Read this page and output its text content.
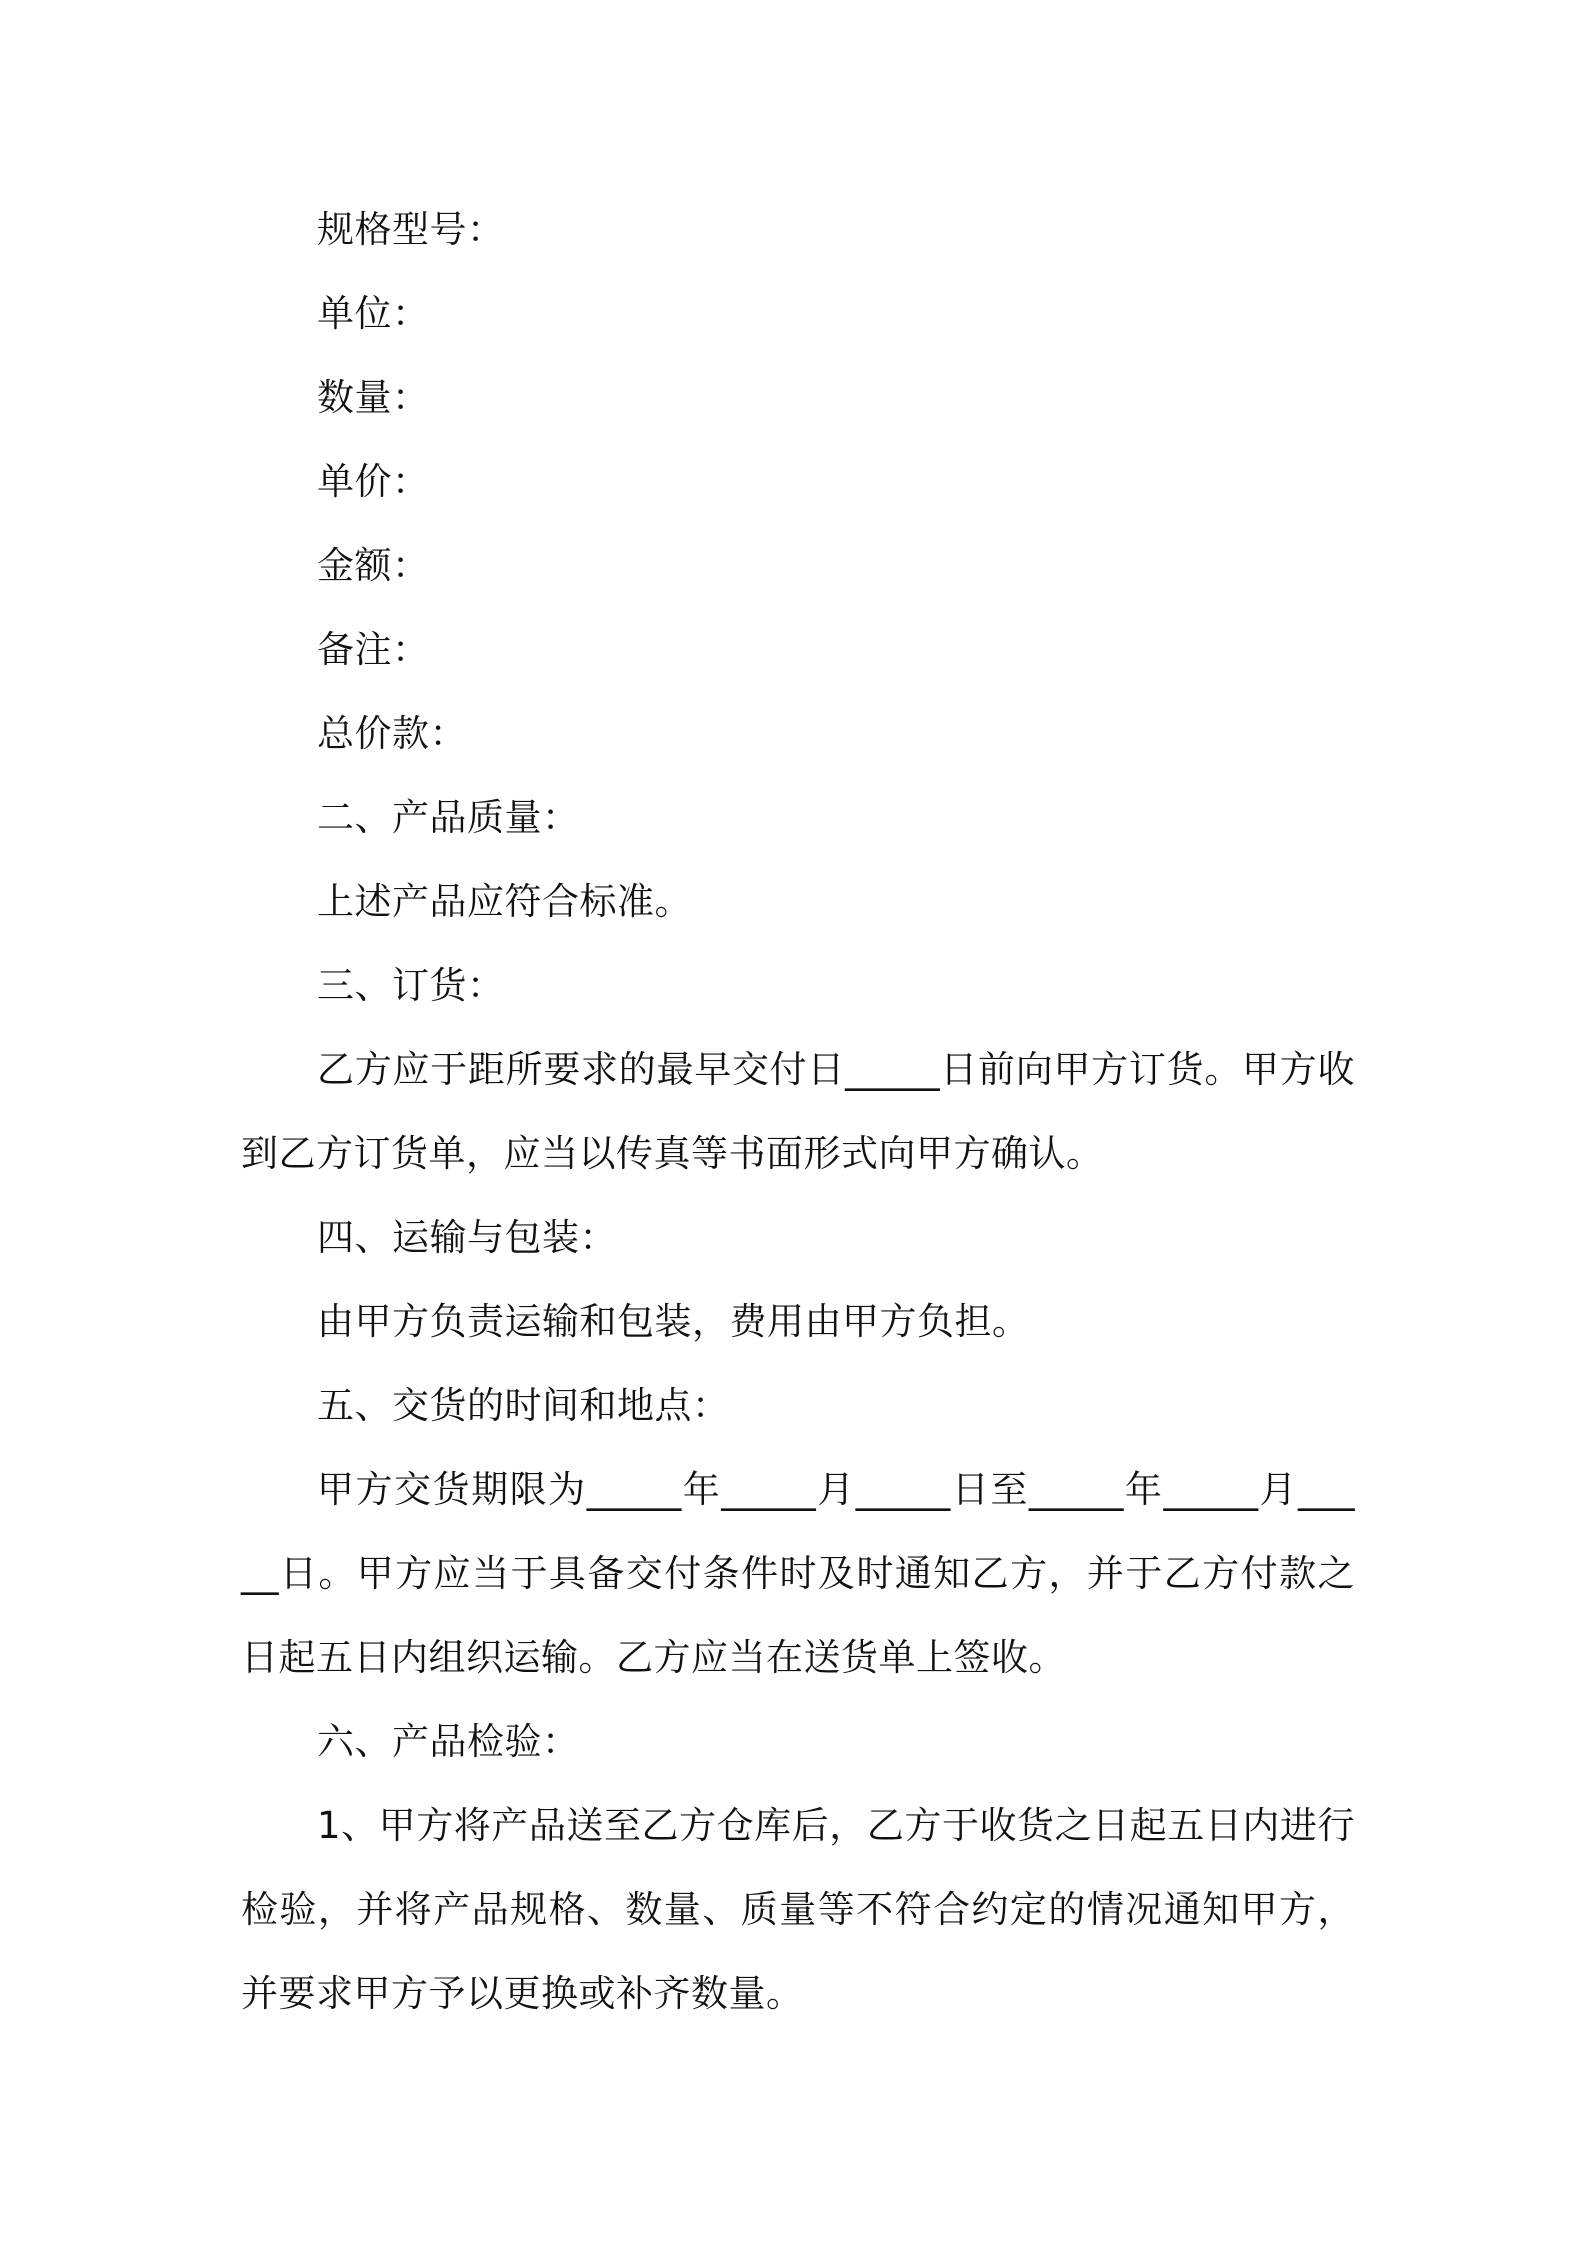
规格型号：

单位：

数量：

单价：

金额：

备注：

总价款：

二、产品质量：

上述产品应符合标准。

三、订货：

乙方应于距所要求的最早交付日_____日前向甲方订货。甲方收到乙方订货单，应当以传真等书面形式向甲方确认。

四、运输与包装：

由甲方负责运输和包装，费用由甲方负担。

五、交货的时间和地点：

甲方交货期限为_____年_____月_____日至_____年_____月_____日。甲方应当于具备交付条件时及时通知乙方，并于乙方付款之日起五日内组织运输。乙方应当在送货单上签收。

六、产品检验：

1、甲方将产品送至乙方仓库后，乙方于收货之日起五日内进行检验，并将产品规格、数量、质量等不符合约定的情况通知甲方，并要求甲方予以更换或补齐数量。
